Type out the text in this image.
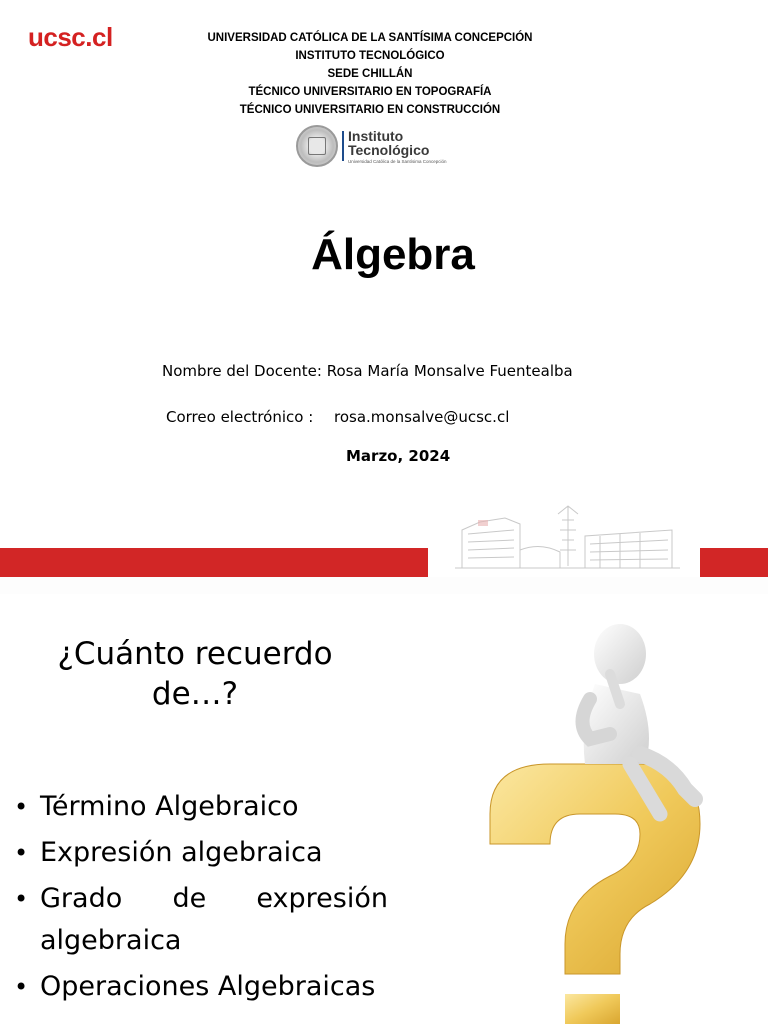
ucsc.cl	UNIVERSIDAD CATÓLICA DE LA SANTÍSIMA CONCEPCIÓN
INSTITUTO TECNOLÓGICO
SEDE CHILLÁN
TÉCNICO UNIVERSITARIO EN TOPOGRAFÍA
TÉCNICO UNIVERSITARIO EN CONSTRUCCIÓN
Instituto
Tecnológico
Universidad Católica de la Santísima Concepción
Álgebra
Nombre del Docente: Rosa María Monsalve Fuentealba
Correo electrónico : rosa.monsalve@ucsc.cl
Marzo, 2024
¿Cuánto recuerdo
de…?
• Término Algebraico
• Expresión algebraica
• Grado de expresión algebraica
• Operaciones Algebraicas
